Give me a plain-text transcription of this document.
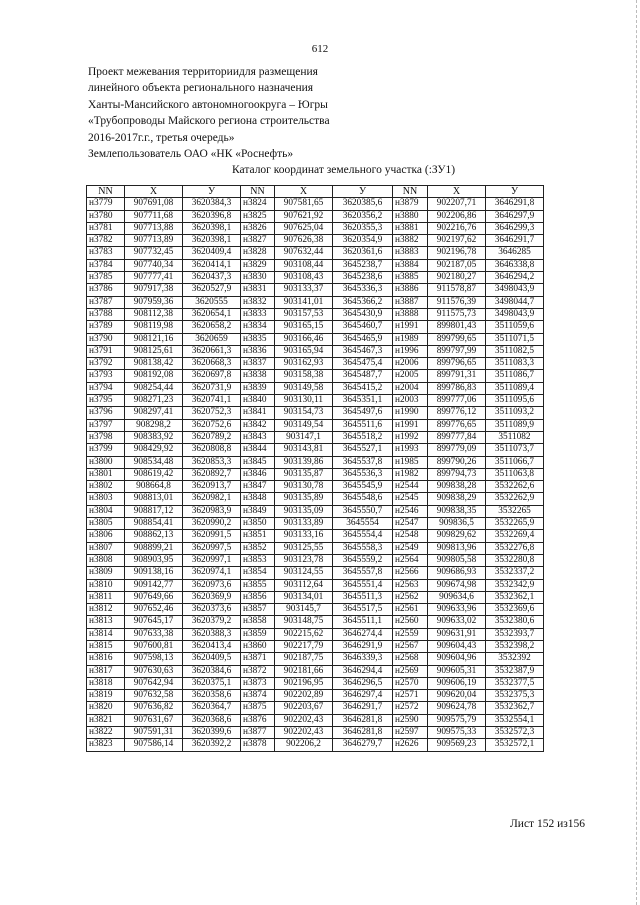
612
Проект межевания территориидля размещения
линейного объекта регионального назначения
Ханты-Мансийского автономногоокруга – Югры
«Трубопроводы Майского региона строительства
2016-2017г.г., третья очередь»
Землепользователь ОАО «НК «Роснефть»
Каталог координат земельного участка (:ЗУ1)
NN	X	У	NN	X	У	NN	X	У
н3779	907691,08	3620384,3	н3824	907581,65	3620385,6	н3879	902207,71	3646291,8
н3780	907711,68	3620396,8	н3825	907621,92	3620356,2	н3880	902206,86	3646297,9
н3781	907713,88	3620398,1	н3826	907625,04	3620355,3	н3881	902216,76	3646299,3
н3782	907713,89	3620398,1	н3827	907626,38	3620354,9	н3882	902197,62	3646291,7
н3783	907732,45	3620409,4	н3828	907632,44	3620361,6	н3883	902196,78	3646285
н3784	907740,34	3620414,1	н3829	903108,44	3645238,7	н3884	902187,05	3646338,8
н3785	907777,41	3620437,3	н3830	903108,43	3645238,6	н3885	902180,27	3646294,2
н3786	907917,38	3620527,9	н3831	903133,37	3645336,3	н3886	911578,87	3498043,9
н3787	907959,36	3620555	н3832	903141,01	3645366,2	н3887	911576,39	3498044,7
н3788	908112,38	3620654,1	н3833	903157,53	3645430,9	н3888	911575,73	3498043,9
н3789	908119,98	3620658,2	н3834	903165,15	3645460,7	н1991	899801,43	3511059,6
н3790	908121,16	3620659	н3835	903166,46	3645465,9	н1989	899799,65	3511071,5
н3791	908125,61	3620661,3	н3836	903165,94	3645467,3	н1996	899797,99	3511082,5
н3792	908138,42	3620668,3	н3837	903162,93	3645475,4	н2006	899796,65	3511083,3
н3793	908192,08	3620697,8	н3838	903158,38	3645487,7	н2005	899791,31	3511086,7
н3794	908254,44	3620731,9	н3839	903149,58	3645415,2	н2004	899786,83	3511089,4
н3795	908271,23	3620741,1	н3840	903130,11	3645351,1	н2003	899777,06	3511095,6
н3796	908297,41	3620752,3	н3841	903154,73	3645497,6	н1990	899776,12	3511093,2
н3797	908298,2	3620752,6	н3842	903149,54	3645511,6	н1991	899776,65	3511089,9
н3798	908383,92	3620789,2	н3843	903147,1	3645518,2	н1992	899777,84	3511082
н3799	908429,92	3620808,8	н3844	903143,81	3645527,1	н1993	899779,09	3511073,7
н3800	908534,48	3620853,3	н3845	903139,86	3645537,8	н1985	899790,26	3511066,7
н3801	908619,42	3620892,7	н3846	903135,87	3645536,3	н1982	899794,73	3511063,8
н3802	908664,8	3620913,7	н3847	903130,78	3645545,9	н2544	909838,28	3532262,6
н3803	908813,01	3620982,1	н3848	903135,89	3645548,6	н2545	909838,29	3532262,9
н3804	908817,12	3620983,9	н3849	903135,09	3645550,7	н2546	909838,35	3532265
н3805	908854,41	3620990,2	н3850	903133,89	3645554	н2547	909836,5	3532265,9
н3806	908862,13	3620991,5	н3851	903133,16	3645554,4	н2548	909829,62	3532269,4
н3807	908899,21	3620997,5	н3852	903125,55	3645558,3	н2549	909813,96	3532276,8
н3808	908903,95	3620997,1	н3853	903123,78	3645559,2	н2564	909805,58	3532280,8
н3809	909138,16	3620974,1	н3854	903124,55	3645557,8	н2566	909686,93	3532337,2
н3810	909142,77	3620973,6	н3855	903112,64	3645551,4	н2563	909674,98	3532342,9
н3811	907649,66	3620369,9	н3856	903134,01	3645511,3	н2562	909634,6	3532362,1
н3812	907652,46	3620373,6	н3857	903145,7	3645517,5	н2561	909633,96	3532369,6
н3813	907645,17	3620379,2	н3858	903148,75	3645511,1	н2560	909633,02	3532380,6
н3814	907633,38	3620388,3	н3859	902215,62	3646274,4	н2559	909631,91	3532393,7
н3815	907600,81	3620413,4	н3860	902217,79	3646291,9	н2567	909604,43	3532398,2
н3816	907598,13	3620409,5	н3871	902187,75	3646339,3	н2568	909604,96	3532392
н3817	907630,63	3620384,6	н3872	902181,66	3646294,4	н2569	909605,31	3532387,9
н3818	907642,94	3620375,1	н3873	902196,95	3646296,5	н2570	909606,19	3532377,5
н3819	907632,58	3620358,6	н3874	902202,89	3646297,4	н2571	909620,04	3532375,3
н3820	907636,82	3620364,7	н3875	902203,67	3646291,7	н2572	909624,78	3532362,7
н3821	907631,67	3620368,6	н3876	902202,43	3646281,8	н2590	909575,79	3532554,1
н3822	907591,31	3620399,6	н3877	902202,43	3646281,8	н2597	909575,33	3532572,3
н3823	907586,14	3620392,2	н3878	902206,2	3646279,7	н2626	909569,23	3532572,1
Лист 152 из156
